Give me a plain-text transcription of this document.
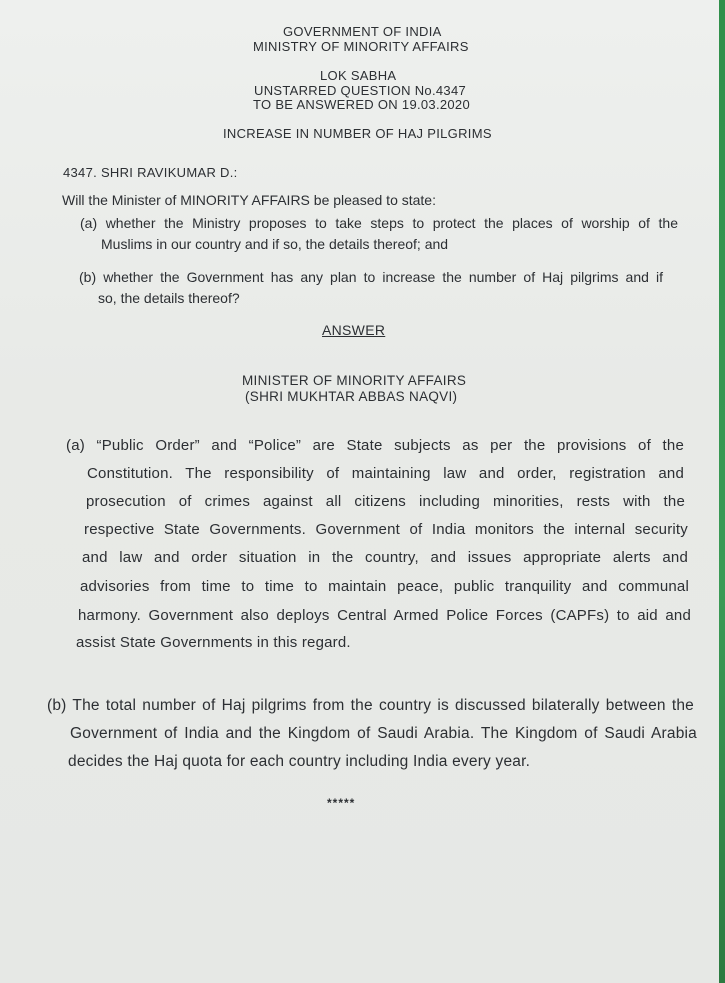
GOVERNMENT OF INDIA
MINISTRY OF MINORITY AFFAIRS
LOK SABHA
UNSTARRED QUESTION No.4347
TO BE ANSWERED ON 19.03.2020
INCREASE IN NUMBER OF HAJ PILGRIMS
4347. SHRI RAVIKUMAR D.:
Will the Minister of MINORITY AFFAIRS be pleased to state:
(a) whether the Ministry proposes to take steps to protect the places of worship of the
Muslims in our country and if so, the details thereof; and
(b) whether the Government has any plan to increase the number of Haj pilgrims and if
so, the details thereof?
ANSWER
MINISTER OF MINORITY AFFAIRS
(SHRI MUKHTAR ABBAS NAQVI)
(a) “Public Order” and “Police” are State subjects as per the provisions of the
Constitution. The responsibility of maintaining law and order, registration and
prosecution of crimes against all citizens including minorities, rests with the
respective State Governments. Government of India monitors the internal security
and law and order situation in the country, and issues appropriate alerts and
advisories from time to time to maintain peace, public tranquility and communal
harmony. Government also deploys Central Armed Police Forces (CAPFs) to aid and
assist State Governments in this regard.
(b) The total number of Haj pilgrims from the country is discussed bilaterally between the
Government of India and the Kingdom of Saudi Arabia. The Kingdom of Saudi Arabia
decides the Haj quota for each country including India every year.
*****
